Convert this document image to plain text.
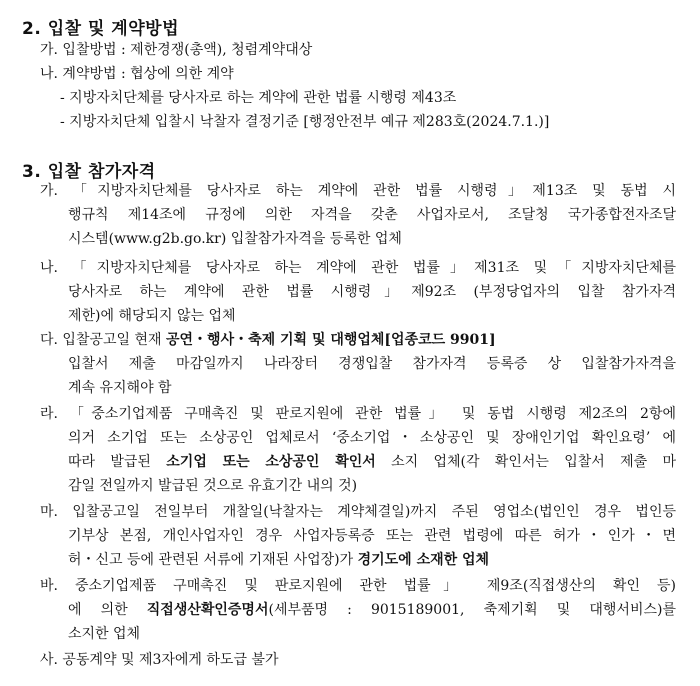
2. 입찰 및 계약방법
가. 입찰방법 : 제한경쟁(총액), 청렴계약대상
나. 계약방법 : 협상에 의한 계약
- 지방자치단체를 당사자로 하는 계약에 관한 법률 시행령 제43조
- 지방자치단체 입찰시 낙찰자 결정기준 [행정안전부 예규 제283호(2024.7.1.)]
3. 입찰 참가자격
가. 「지방자치단체를 당사자로 하는 계약에 관한 법률 시행령」제13조 및 동법 시
행규칙 제14조에 규정에 의한 자격을 갖춘 사업자로서, 조달청 국가종합전자조달
시스템(www.g2b.go.kr) 입찰참가자격을 등록한 업체
나. 「지방자치단체를 당사자로 하는 계약에 관한 법률」제31조 및「지방자치단체를
당사자로 하는 계약에 관한 법률 시행령」제92조 (부정당업자의 입찰 참가자격
제한)에 해당되지 않는 업체
다. 입찰공고일 현재 공연・행사・축제 기획 및 대행업체[업종코드 9901]
입찰서 제출 마감일까지 나라장터 경쟁입찰 참가자격 등록증 상 입찰참가자격을
계속 유지해야 함
라. 「중소기업제품 구매촉진 및 판로지원에 관한 법률」 및 동법 시행령 제2조의 2항에
의거 소기업 또는 소상공인 업체로서 ‘중소기업・소상공인 및 장애인기업 확인요령’ 에
따라 발급된 소기업 또는 소상공인 확인서 소지 업체(각 확인서는 입찰서 제출 마
감일 전일까지 발급된 것으로 유효기간 내의 것)
마. 입찰공고일 전일부터 개찰일(낙찰자는 계약체결일)까지 주된 영업소(법인인 경우 법인등
기부상 본점, 개인사업자인 경우 사업자등록증 또는 관련 법령에 따른 허가・인가・면
허・신고 등에 관련된 서류에 기재된 사업장)가 경기도에 소재한 업체
바. 중소기업제품 구매촉진 및 판로지원에 관한 법률」 제9조(직접생산의 확인 등)
에 의한 직접생산확인증명서(세부품명 : 9015189001, 축제기획 및 대행서비스)를
소지한 업체
사. 공동계약 및 제3자에게 하도급 불가
